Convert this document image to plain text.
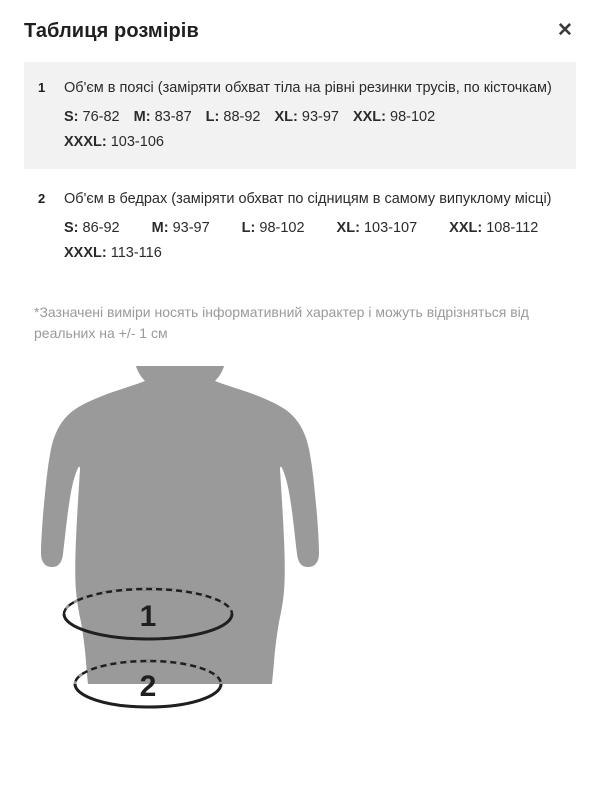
Таблиця розмірів	✕
1	Об'єм в поясі (заміряти обхват тіла на рівні резинки трусів, по кісточкам)
S: 76-82 M: 83-87 L: 88-92 XL: 93-97 XXL: 98-102XXXL: 103-106
2	Об'єм в бедрах (заміряти обхват по сідницям в самому випуклому місці)
S: 86-92 M: 93-97 L: 98-102 XL: 103-107 XXL: 108-112
XXXL: 113-116
*Зазначені виміри носять інформативний характер і можуть відрізняться від реальних на +/- 1 см
1
2
